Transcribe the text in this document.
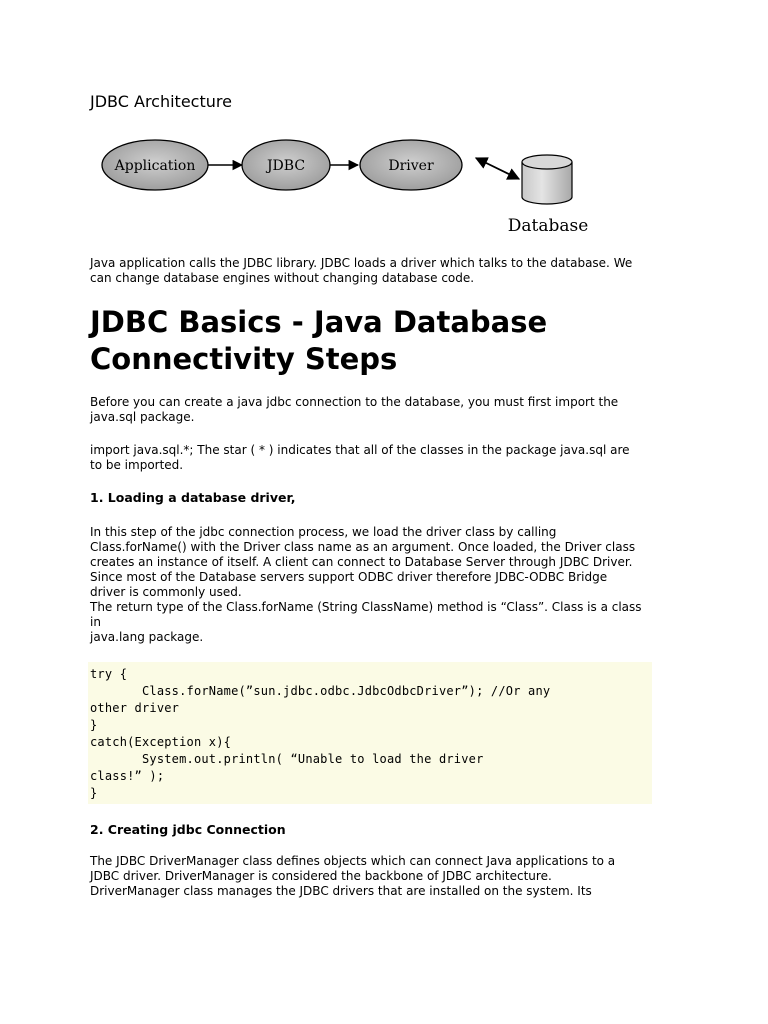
JDBC Architecture
Application	JDBC	Driver
Database
Java application calls the JDBC library. JDBC loads a driver which talks to the database. We
can change database engines without changing database code.
JDBC Basics - Java Database
Connectivity Steps
Before you can create a java jdbc connection to the database, you must first import the
java.sql package.
import java.sql.*; The star ( * ) indicates that all of the classes in the package java.sql are
to be imported.
1. Loading a database driver,
In this step of the jdbc connection process, we load the driver class by calling
Class.forName() with the Driver class name as an argument. Once loaded, the Driver class
creates an instance of itself. A client can connect to Database Server through JDBC Driver.
Since most of the Database servers support ODBC driver therefore JDBC-ODBC Bridge
driver is commonly used.
The return type of the Class.forName (String ClassName) method is “Class”. Class is a class
in
java.lang package.
try {
Class.forName(”sun.jdbc.odbc.JdbcOdbcDriver”); //Or any
other driver
}
catch(Exception x){
System.out.println( “Unable to load the driver
class!” );
}
2. Creating jdbc Connection
The JDBC DriverManager class defines objects which can connect Java applications to a
JDBC driver. DriverManager is considered the backbone of JDBC architecture.
DriverManager class manages the JDBC drivers that are installed on the system. Its
